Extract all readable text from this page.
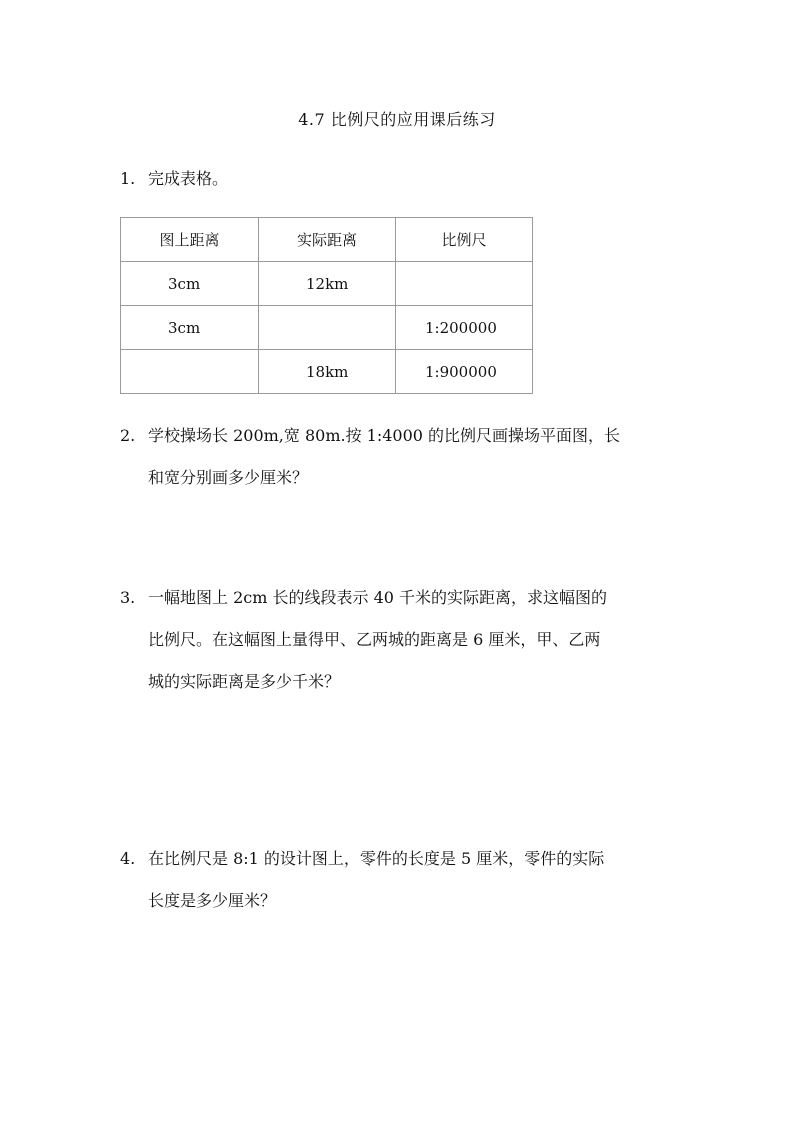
4.7 比例尺的应用课后练习
1. 完成表格。
图上距离	实际距离	比例尺
3cm	12km	
3cm		1:200000
	18km	1:900000
2. 学校操场长 200m,宽 80m.按 1:4000 的比例尺画操场平面图，长
和宽分别画多少厘米？
3. 一幅地图上 2cm 长的线段表示 40 千米的实际距离，求这幅图的
比例尺。在这幅图上量得甲、乙两城的距离是 6 厘米，甲、乙两
城的实际距离是多少千米？
4. 在比例尺是 8:1 的设计图上，零件的长度是 5 厘米，零件的实际
长度是多少厘米？
